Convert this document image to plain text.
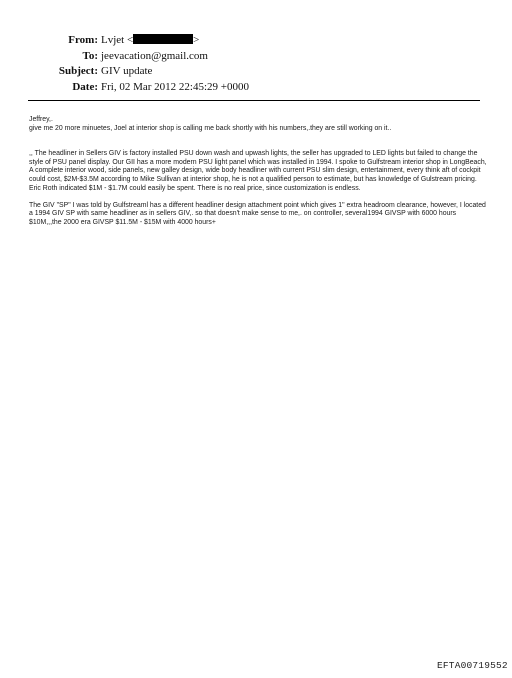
From: Lvjet <	>
To: jeevacation@gmail.com
Subject: GIV update
Date: Fri, 02 Mar 2012 22:45:29 +0000

Jeffrey,.

give me 20 more minuetes, Joel at interior shop is calling me back shortly with his numbers,.they are still working on it..

,, The headliner in Sellers GIV is factory installed PSU down wash and upwash lights, the seller has upgraded to LED lights but failed to change the style of PSU panel display. Our GII has a more modern PSU light panel which was installed in 1994. I spoke to Gulfstream interior shop in LongBeach, A complete interior wood, side panels, new galley design, wide body headliner with current PSU slim design, entertainment, every think aft of cockpit could cost, $2M-$3.5M according to Mike Sullivan at interior shop, he is not a qualified person to estimate, but has knowledge of Gulstream pricing. Eric Roth indicated $1M - $1.7M could easily be spent. There is no real price, since customization is endless.

The GIV "SP" I was told by Gulfstreaml has a different headliner design attachment point which gives 1" extra headroom clearance, however, I located a 1994 GIV SP with same headliner as in sellers GIV,. so that doesn't make sense to me,. on controller, several1994 GIVSP with 6000 hours $10M,,,the 2000 era GIVSP $11.5M - $15M with 4000 hours+

EFTA00719552
